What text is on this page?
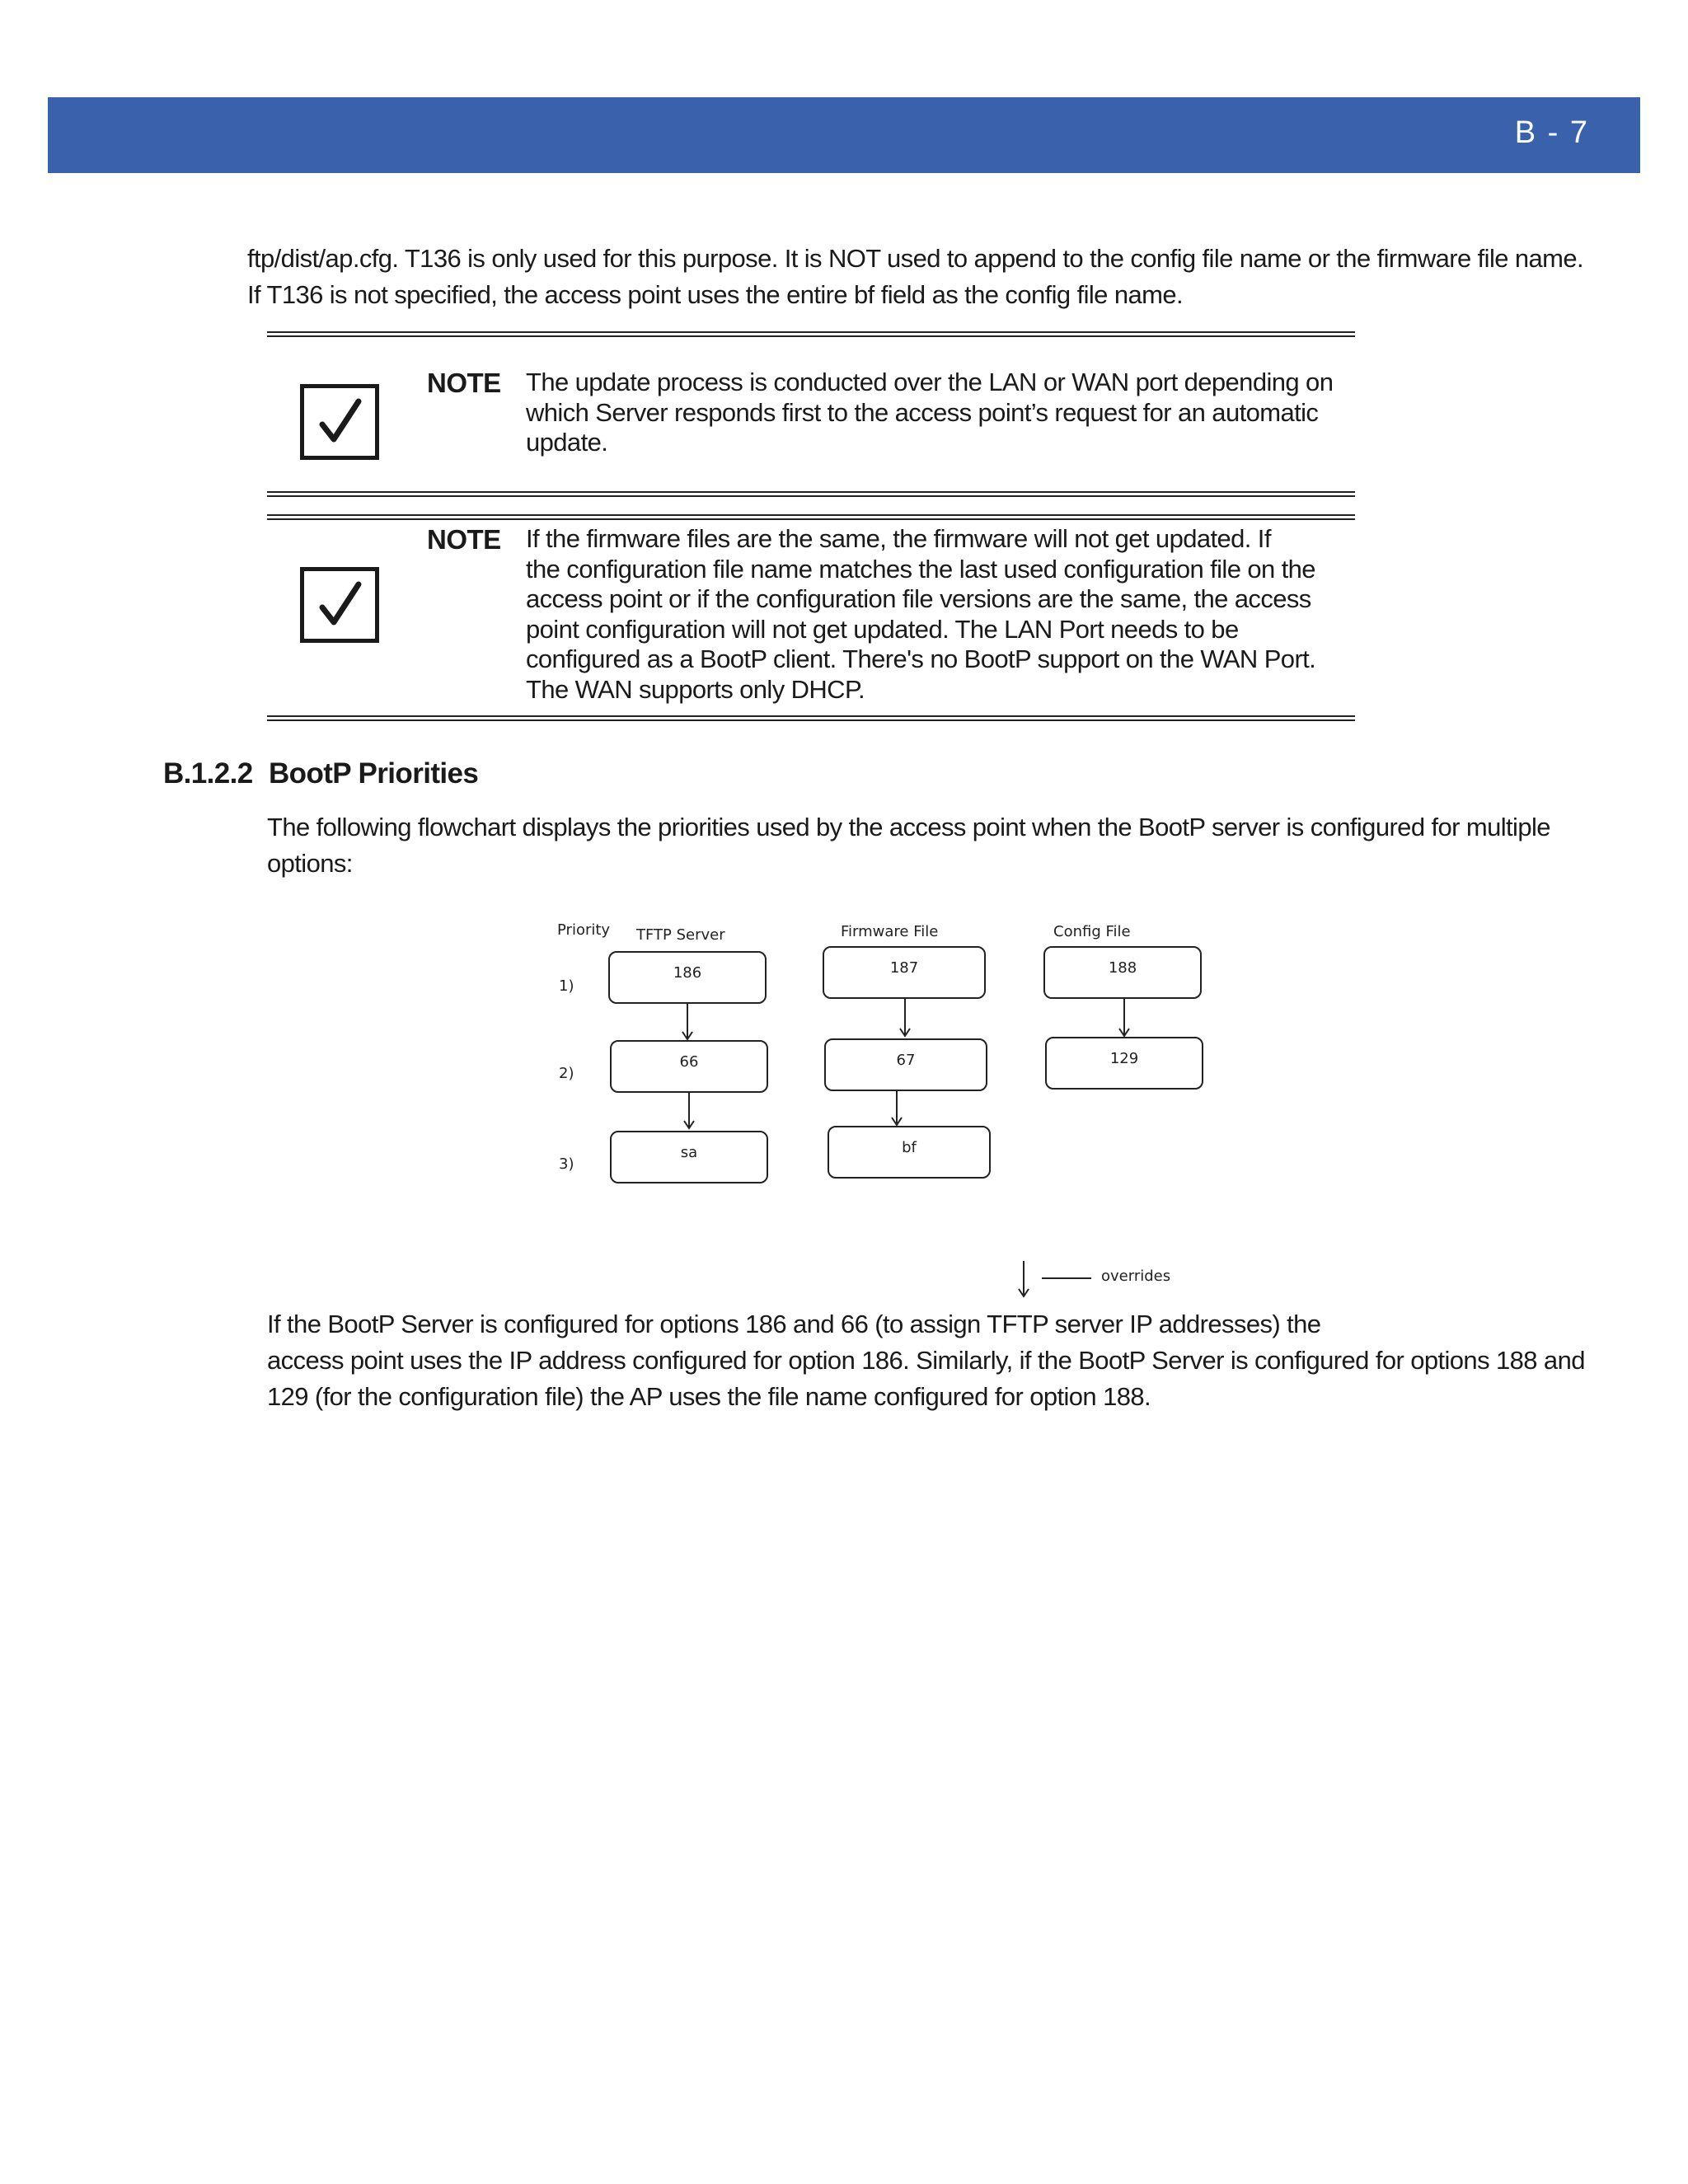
B - 7
ftp/dist/ap.cfg. T136 is only used for this purpose. It is NOT used to append to the config file name or the firmware file name.
If T136 is not specified, the access point uses the entire bf field as the config file name.
NOTE The update process is conducted over the LAN or WAN port depending on
which Server responds first to the access point’s request for an automatic
update.
NOTE If the firmware files are the same, the firmware will not get updated. If
the configuration file name matches the last used configuration file on the
access point or if the configuration file versions are the same, the access
point configuration will not get updated. The LAN Port needs to be
configured as a BootP client. There's no BootP support on the WAN Port.
The WAN supports only DHCP.
B.1.2.2 BootP Priorities
The following flowchart displays the priorities used by the access point when the BootP server is configured for multiple
options:
Priority TFTP Server	Firmware File	Config File
1)
2)
3)
186
66
sa
187
67
bf
188
129
overrides
If the BootP Server is configured for options 186 and 66 (to assign TFTP server IP addresses) the
access point uses the IP address configured for option 186. Similarly, if the BootP Server is configured for options 188 and
129 (for the configuration file) the AP uses the file name configured for option 188.
